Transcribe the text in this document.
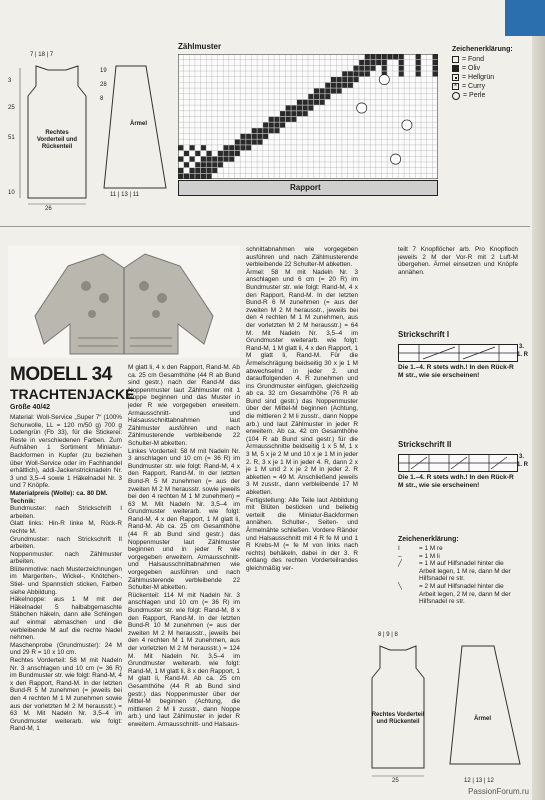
7 | 18 | 7
Rechtes Vorderteil und Rückenteil
3
25
51
10
26
Ärmel
19
28
8
11 | 13 | 11
Zählmuster
Rapport
Zeichenerklärung:
= Fond
= Oliv
= Hellgrün
× = Curry
= Perle
MODELL 34
TRACHTENJACKE
Größe 40/42

Material: Woll-Service „Super 7“ (100% Schurwolle, LL = 120 m/50 g) 700 g Lodengrün (Fb 33), für die Stickerei: Reste in verschiedenen Farben. Zum Aufnähen 1 Sortiment Miniatur-Backformen in Kupfer (zu beziehen über Woll-Service oder im Fachhandel erhältlich), addi-Jackenstricknadeln Nr. 3 und 3,5–4 sowie 1 Häkelnadel Nr. 3 und 7 Knöpfe.

Materialpreis (Wolle): ca. 80 DM.

Technik:

Bundmuster: nach Strickschrift I arbeiten.

Glatt links: Hin-R linke M, Rück-R rechte M.

Grundmuster: nach Strickschrift II arbeiten.

Noppenmuster: nach Zählmuster arbeiten.

Blütenmotive: nach Musterzeichnungen im Margeriten-, Wickel-, Knötchen-, Stiel- und Spannstich sticken, Farben siehe Abbildung.

Häkelnoppe: aus 1 M mit der Häkelnadel 5 halbabgemaschte Stäbchen häkeln, dann alle Schlingen auf einmal abmaschen und die verbleibende M auf die rechte Nadel nehmen.

Maschenprobe (Grundmuster): 24 M und 29 R = 10 x 10 cm.

Rechtes Vorderteil: 58 M mit Nadeln Nr. 3 anschlagen und 10 cm (= 36 R) im Bundmuster str. wie folgt: Rand-M, 4 x den Rapport, Rand-M. In der letzten Bund-R 5 M zunehmen (= jeweils bei den 4 rechten M 1 M zunehmen sowie aus der vorletzten M 2 M herausstr.) = 63 M. Mit Nadeln Nr. 3,5–4 im Grundmuster weiterarb. wie folgt: Rand-M, 1

M glatt li, 4 x den Rapport, Rand-M. Ab ca. 25 cm Gesamthöhe (44 R ab Bund sind gestr.) nach der Rand-M das Noppenmuster laut Zählmuster mit 1 Noppe beginnen und das Muster in jeder R wie vorgegeben erweitern. Armausschnitt- und Halsausschnittabnahmen laut Zählmuster ausführen und nach Zählmusterende verbleibende 22 Schulter-M abketten.

Linkes Vorderteil: 58 M mit Nadeln Nr. 3 anschlagen und 10 cm (= 36 R) im Bundmuster str. wie folgt: Rand-M, 4 x den Rapport, Rand-M. In der letzten Bund-R 5 M zunehmen (= aus der zweiten M 2 M herausstr. sowie jeweils bei den 4 rechten M 1 M zunehmen) = 63 M. Mit Nadeln Nr. 3,5–4 im Grundmuster weiterarb. wie folgt: Rand-M, 4 x den Rapport, 1 M glatt li, Rand-M. Ab ca. 25 cm Gesamthöhe (44 R ab Bund sind gestr.) das Noppenmuster laut Zählmuster beginnen und in jeder R wie vorgegeben erweitern. Armausschnitt- und Halsausschnittabnahmen wie vorgegeben ausführen und nach Zählmusterende verbleibende 22 Schulter-M abketten.

Rückenteil: 114 M mit Nadeln Nr. 3 anschlagen und 10 cm (= 36 R) im Bundmuster str. wie folgt: Rand-M, 8 x den Rapport, Rand-M. In der letzten Bund-R 10 M zunehmen (= aus der zweiten M 2 M herausstr., jeweils bei den 4 rechten M 1 M zunehmen, aus der vorletzten M 2 M herausstr.) = 124 M. Mit Nadeln Nr. 3,5–4 im Grundmuster weiterarb. wie folgt: Rand-M, 1 M glatt li, 8 x den Rapport, 1 M glatt li, Rand-M. Ab ca. 25 cm Gesamthöhe (44 R ab Bund sind gestr.) das Noppenmuster über der Mittel-M beginnen (Achtung, die mittleren 2 M li zusstr., dann Noppe arb.) und laut Zählmuster in jeder R erweitern. Armausschnitt- und Halsaus-

schnittabnahmen wie vorgegeben ausführen und nach Zählmusterende verbleibende 22 Schulter-M abketten.

Ärmel: 58 M mit Nadeln Nr. 3 anschlagen und 6 cm (= 20 R) im Bundmuster str. wie folgt: Rand-M, 4 x den Rapport, Rand-M. In der letzten Bund-R 6 M zunehmen (= aus der zweiten M 2 M herausstr., jeweils bei den 4 rechten M 1 M zunehmen, aus der vorletzten M 2 M herausstr.) = 64 M. Mit Nadeln Nr. 3,5–4 im Grundmuster weiterarb. wie folgt: Rand-M, 1 M glatt li, 4 x den Rapport, 1 M glatt li, Rand-M. Für die Ärmelschrägung beidseitig 30 x je 1 M abwechselnd in jeder 2. und darauffolgenden 4. R zunehmen und ins Grundmuster einfügen, gleichzeitig ab ca. 32 cm Gesamthöhe (76 R ab Bund sind gestr.) das Noppenmuster über der Mittel-M beginnen (Achtung, die mittleren 2 M li zusstr., dann Noppe arb.) und laut Zählmuster in jeder R erweitern. Ab ca. 42 cm Gesamthöhe (104 R ab Bund sind gestr.) für die Armausschnitte beidseitig 1 x 5 M, 1 x 3 M, 5 x je 2 M und 10 x je 1 M in jeder 2. R, 3 x je 1 M in jeder 4. R, dann 2 x je 1 M und 2 x je 2 M in jeder 2. R abketten = 49 M. Anschließend jeweils 3 M zusstr., dann verbleibende 17 M abketten.

Fertigstellung: Alle Teile laut Abbildung mit Blüten besticken und beliebig verteilt die Miniatur-Backformen annähen. Schulter-, Seiten- und Ärmelnähte schließen. Vordere Ränder und Halsausschnitt mit 4 R fe M und 1 R Krebs-M (= fe M von links nach rechts) behäkeln, dabei in der 3. R entlang des rechten Vorderteilrandes gleichmäßig ver-

teilt 7 Knopflöcher arb. Pro Knopfloch jeweils 2 M der Vor-R mit 2 Luft-M übergehen. Ärmel einsetzen und Knöpfe annähen.

Strickschrift I
3.
1. R
Die 1.–4. R stets wdh.! In den Rück-R M str., wie sie erscheinen!
Strickschrift II
3.
1. R
Die 1.–4. R stets wdh.! In den Rück-R M str., wie sie erscheinen!
Zeichenerklärung:
I	= 1 M re
–	= 1 M li
╱	= 1 M auf Hilfsnadel hinter die Arbeit legen, 1 M re, dann M der Hilfsnadel re str.
╲	= 2 M auf Hilfsnadel hinter die Arbeit legen, 2 M re, dann M der Hilfsnadel re str.
8 | 9 | 8
Rechtes Vorderteil und Rückenteil
25
Ärmel
12 | 13 | 12
PassionForum.ru
